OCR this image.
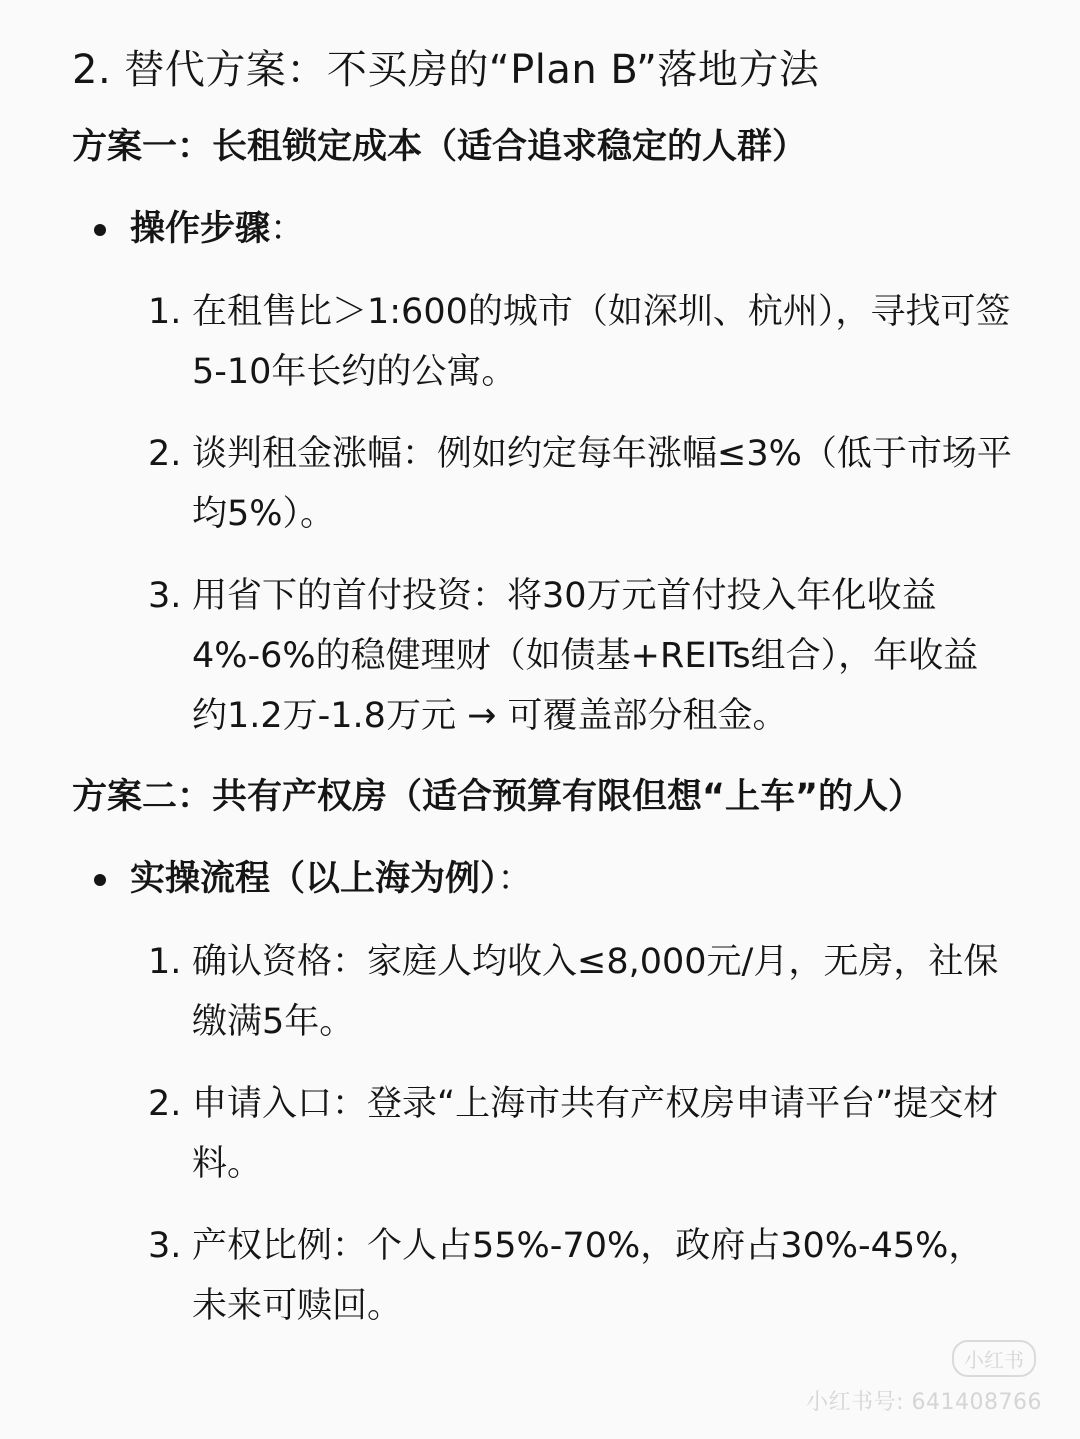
2. 替代方案：不买房的“Plan B”落地方法
方案一：长租锁定成本（适合追求稳定的人群）
操作步骤：
1. 在租售比＞1:600的城市（如深圳、杭州），寻找可签5-10年长约的公寓。
2. 谈判租金涨幅：例如约定每年涨幅≤3%（低于市场平均5%）。
3. 用省下的首付投资：将30万元首付投入年化收益4%-6%的稳健理财（如债基+REITs组合），年收益约1.2万-1.8万元 → 可覆盖部分租金。
方案二：共有产权房（适合预算有限但想“上车”的人）
实操流程（以上海为例）：
1. 确认资格：家庭人均收入≤8,000元/月，无房，社保缴满5年。
2. 申请入口：登录“上海市共有产权房申请平台”提交材料。
3. 产权比例：个人占55%-70%，政府占30%-45%，未来可赎回。
小红书
小红书号: 641408766
